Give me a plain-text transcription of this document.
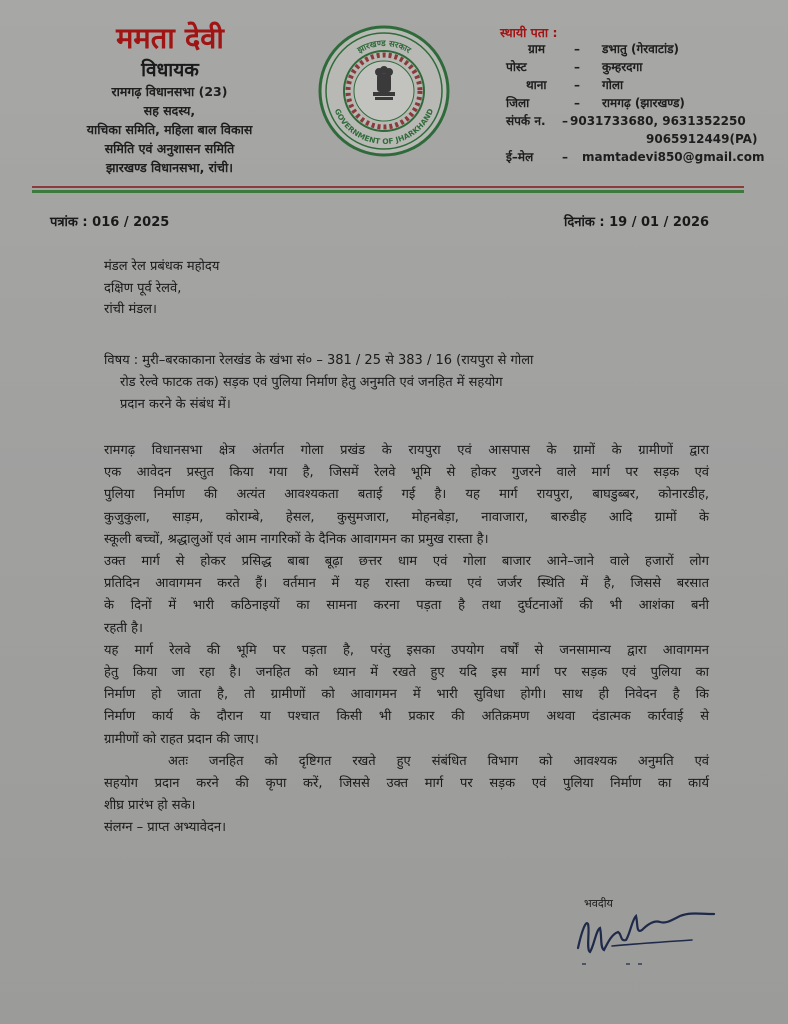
ममता देवी
विधायक
रामगढ़ विधानसभा (23)
सह सदस्य,
याचिका समिति, महिला बाल विकास
समिति एवं अनुशासन समिति
झारखण्ड विधानसभा, रांची।
झारखण्ड सरकार
GOVERNMENT OF JHARKHAND
स्थायी पता :
ग्राम – डभातु (गेरवाटांड)
पोस्ट	– कुम्हरदगा
थाना – गोला
जिला	– रामगढ़ (झारखण्ड)
संपर्क न. – 9031733680, 9631352250
9065912449(PA)
ई–मेल – mamtadevi850@gmail.com
पत्रांक : 016 / 2025	दिनांक : 19 / 01 / 2026
मंडल रेल प्रबंधक महोदय
दक्षिण पूर्व रेलवे,
रांची मंडल।
विषय : मुरी–बरकाकाना रेलखंड के खंभा सं० – 381 / 25 से 383 / 16 (रायपुरा से गोला
रोड रेल्वे फाटक तक) सड़क एवं पुलिया निर्माण हेतु अनुमति एवं जनहित में सहयोग
प्रदान करने के संबंध में।
रामगढ़ विधानसभा क्षेत्र अंतर्गत गोला प्रखंड के रायपुरा एवं आसपास के ग्रामों के ग्रामीणों द्वारा
एक आवेदन प्रस्तुत किया गया है, जिसमें रेलवे भूमि से होकर गुजरने वाले मार्ग पर सड़क एवं
पुलिया निर्माण की अत्यंत आवश्यकता बताई गई है। यह मार्ग रायपुरा, बाघडुब्बर, कोनारडीह,
कुजुकुला, साड़म, कोराम्बे, हेसल, कुसुमजारा, मोहनबेड़ा, नावाजारा, बारुडीह आदि ग्रामों के
स्कूली बच्चों, श्रद्धालुओं एवं आम नागरिकों के दैनिक आवागमन का प्रमुख रास्ता है।
उक्त मार्ग से होकर प्रसिद्ध बाबा बूढ़ा छत्तर धाम एवं गोला बाजार आने–जाने वाले हजारों लोग
प्रतिदिन आवागमन करते हैं। वर्तमान में यह रास्ता कच्चा एवं जर्जर स्थिति में है, जिससे बरसात
के दिनों में भारी कठिनाइयों का सामना करना पड़ता है तथा दुर्घटनाओं की भी आशंका बनी
रहती है।
यह मार्ग रेलवे की भूमि पर पड़ता है, परंतु इसका उपयोग वर्षों से जनसामान्य द्वारा आवागमन
हेतु किया जा रहा है। जनहित को ध्यान में रखते हुए यदि इस मार्ग पर सड़क एवं पुलिया का
निर्माण हो जाता है, तो ग्रामीणों को आवागमन में भारी सुविधा होगी। साथ ही निवेदन है कि
निर्माण कार्य के दौरान या पश्चात किसी भी प्रकार की अतिक्रमण अथवा दंडात्मक कार्रवाई से
ग्रामीणों को राहत प्रदान की जाए।
अतः जनहित को दृष्टिगत रखते हुए संबंधित विभाग को आवश्यक अनुमति एवं
सहयोग प्रदान करने की कृपा करें, जिससे उक्त मार्ग पर सड़क एवं पुलिया निर्माण का कार्य
शीघ्र प्रारंभ हो सके।
संलग्न – प्राप्त अभ्यावेदन।
भवदीय
